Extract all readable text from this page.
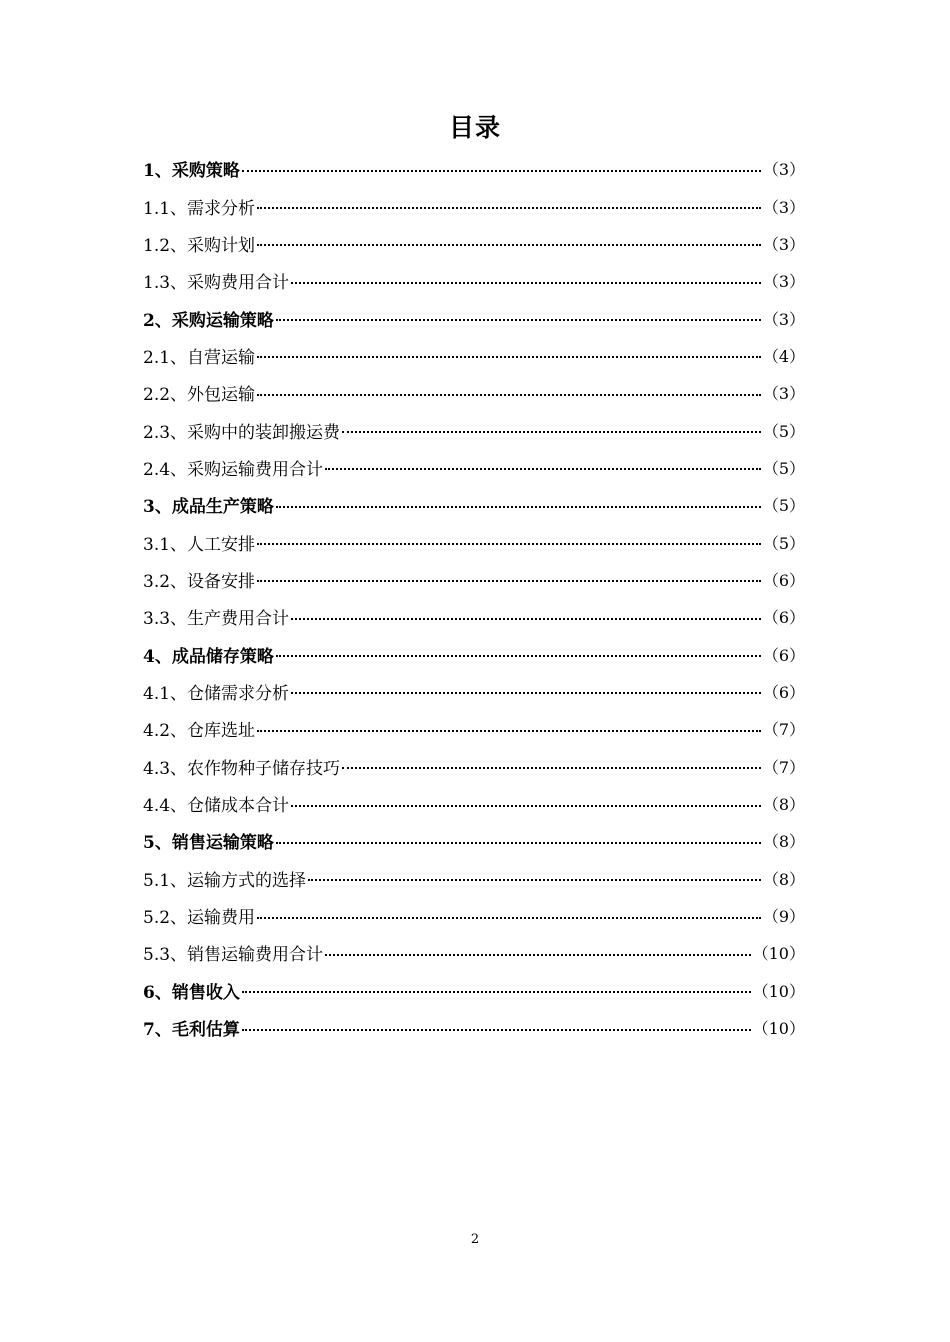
目录
1、采购策略	（3）
1.1、需求分析	（3）
1.2、采购计划	（3）
1.3、采购费用合计	（3）
2、采购运输策略	（3）
2.1、自营运输	（4）
2.2、外包运输	（3）
2.3、采购中的装卸搬运费	（5）
2.4、采购运输费用合计	（5）
3、成品生产策略	（5）
3.1、人工安排	（5）
3.2、设备安排	（6）
3.3、生产费用合计	（6）
4、成品储存策略	（6）
4.1、仓储需求分析	（6）
4.2、仓库选址	（7）
4.3、农作物种子储存技巧	（7）
4.4、仓储成本合计	（8）
5、销售运输策略	（8）
5.1、运输方式的选择	（8）
5.2、运输费用	（9）
5.3、销售运输费用合计	（10）
6、销售收入	（10）
7、毛利估算	（10）
2
